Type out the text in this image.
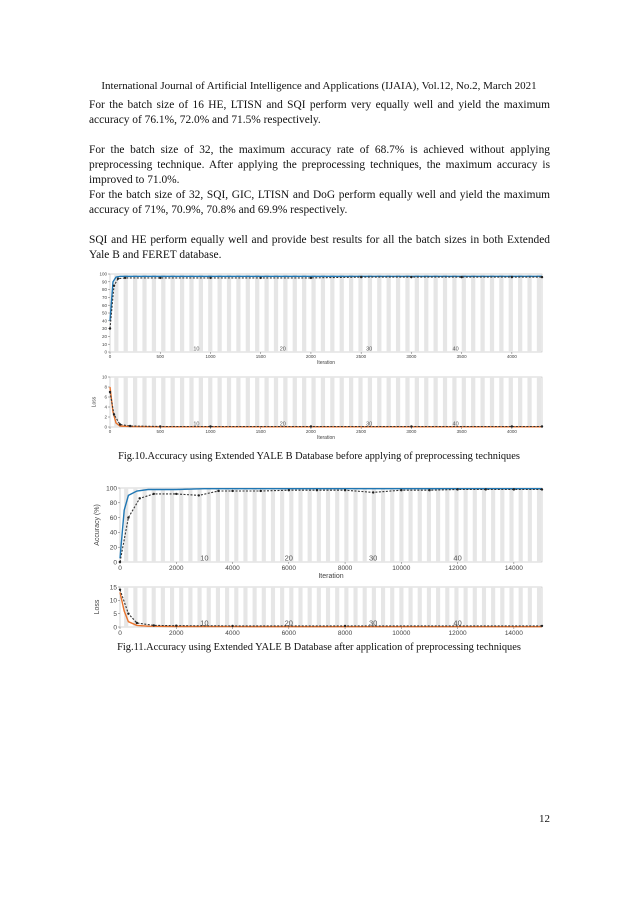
International Journal of Artificial Intelligence and Applications (IJAIA), Vol.12, No.2, March 2021

For the batch size of 16 HE, LTISN and SQI perform very equally well and yield the maximum accuracy of 76.1%, 72.0% and 71.5% respectively.

For the batch size of 32, the maximum accuracy rate of 68.7% is achieved without applying preprocessing technique. After applying the preprocessing techniques, the maximum accuracy is improved to 71.0%.

For the batch size of 32, SQI, GIC, LTISN and DoG perform equally well and yield the maximum accuracy of 71%, 70.9%, 70.8% and 69.9% respectively.

SQI and HE perform equally well and provide best results for all the batch sizes in both Extended Yale B and FERET database.

0
10
20
30
40
50
60
70
80
90
100
0	500	1000	1500	2000	2500	3000	3500	4000
10	20	30	40
Iteration

0
2
4
6
8
10
0	500	1000	1500	2000	2500	3000	3500	4000
10	20	30	40
Iteration
Loss
Fig.10.Accuracy using Extended YALE B Database before applying of preprocessing techniques
0
20
40
60
80
100
0	2000	4000	6000	8000	10000	12000	14000
10	20	30	40
Iteration
Accuracy (%)

0
5
10
15
0	2000	4000	6000	8000	10000	12000	14000
10	20	30	40
Loss
Fig.11.Accuracy using Extended YALE B Database after application of preprocessing techniques
12
